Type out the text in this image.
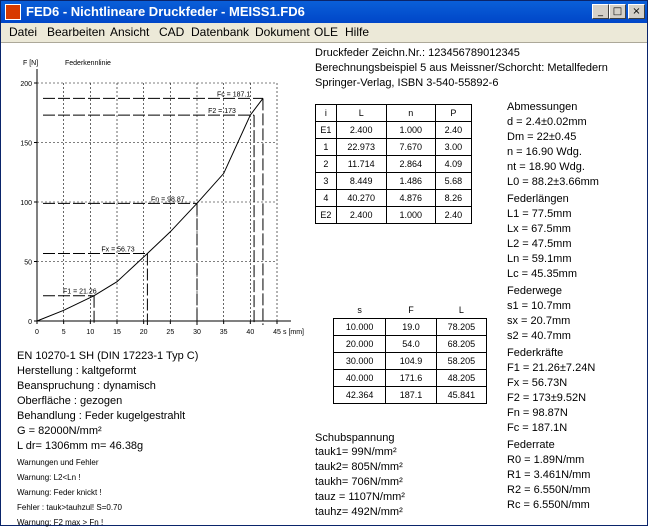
FED6 - Nichtlineare Druckfeder - MEISS1.FD6	_ □	×
Datei Bearbeiten Ansicht CAD Datenbank Dokument OLE Hilfe
Druckfeder Zeichn.Nr.: 123456789012345
Berechnungsbeispiel 5 aus Meissner/Schorcht: Metallfedern
Springer-Verlag, ISBN 3-540-55892-6
0	5	10	15	20	25	30	35	40	45
0
50
100
150
200
s [mm]
F [N]	Federkennlinie
F1 = 21.26
Fx = 56.73
Fn = 98.87
F2 = 173
Fc = 187.1
i	L	n	P
E1	2.400	1.000	2.40
1	22.973	7.670	3.00
2	11.714	2.864	4.09
3	8.449	1.486	5.68
4	40.270	4.876	8.26
E2	2.400	1.000	2.40
s	F	L
10.000	19.0	78.205
20.000	54.0	68.205
30.000	104.9	58.205
40.000	171.6	48.205
42.364	187.1	45.841
Abmessungen
d = 2.4±0.02mm
Dm = 22±0.45
n = 16.90 Wdg.
nt = 18.90 Wdg.
L0 = 88.2±3.66mm
Federlängen
L1 = 77.5mm
Lx = 67.5mm
L2 = 47.5mm
Ln = 59.1mm
Lc = 45.35mm
Federwege
s1 = 10.7mm
sx = 20.7mm
s2 = 40.7mm
Federkräfte
F1 = 21.26±7.24N
Fx = 56.73N
F2 = 173±9.52N
Fn = 98.87N
Fc = 187.1N
Federrate
R0 = 1.89N/mm
R1 = 3.461N/mm
R2 = 6.550N/mm
Rc = 6.550N/mm
EN 10270-1 SH (DIN 17223-1 Typ C)
Herstellung : kaltgeformt
Beanspruchung : dynamisch
Oberfläche : gezogen
Behandlung : Feder kugelgestrahlt
G = 82000N/mm²
L dr= 1306mm m= 46.38g
Warnungen und Fehler
Warnung: L2<Ln !
Warnung: Feder knickt !
Fehler : tauk>tauhzul! S=0.70
Warnung: F2 max > Fn !
Schubspannung
tauk1= 99N/mm²
tauk2= 805N/mm²
taukh= 706N/mm²
tauz = 1107N/mm²
tauhz= 492N/mm²
